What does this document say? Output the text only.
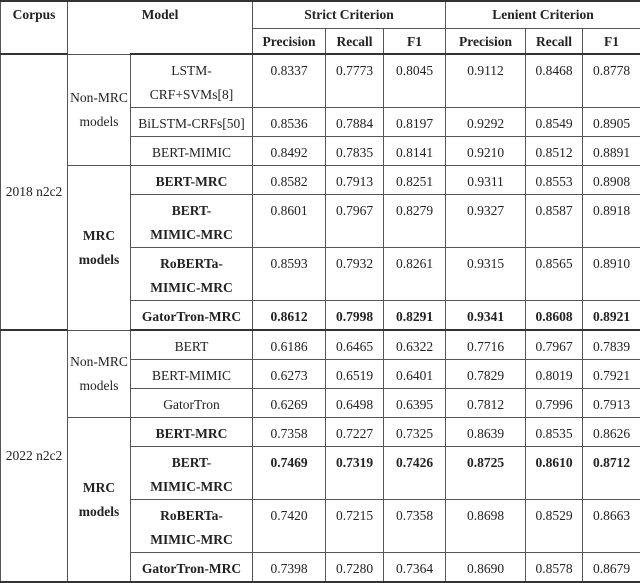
Corpus	Model		Strict Criterion			Lenient Criterion		
			Precision	Recall	F1	Precision	Recall	F1
2018 n2c2	Non-MRC models	LSTM-CRF+SVMs[8]	0.8337	0.7773	0.8045	0.9112	0.8468	0.8778
		BiLSTM-CRFs[50]	0.8536	0.7884	0.8197	0.9292	0.8549	0.8905
		BERT-MIMIC	0.8492	0.7835	0.8141	0.9210	0.8512	0.8891
	MRC models	BERT-MRC	0.8582	0.7913	0.8251	0.9311	0.8553	0.8908
		BERT-MIMIC-MRC	0.8601	0.7967	0.8279	0.9327	0.8587	0.8918
		RoBERTa-MIMIC-MRC	0.8593	0.7932	0.8261	0.9315	0.8565	0.8910
		GatorTron-MRC	0.8612	0.7998	0.8291	0.9341	0.8608	0.8921
2022 n2c2	Non-MRC models	BERT	0.6186	0.6465	0.6322	0.7716	0.7967	0.7839
		BERT-MIMIC	0.6273	0.6519	0.6401	0.7829	0.8019	0.7921
		GatorTron	0.6269	0.6498	0.6395	0.7812	0.7996	0.7913
	MRC models	BERT-MRC	0.7358	0.7227	0.7325	0.8639	0.8535	0.8626
		BERT-MIMIC-MRC	0.7469	0.7319	0.7426	0.8725	0.8610	0.8712
		RoBERTa-MIMIC-MRC	0.7420	0.7215	0.7358	0.8698	0.8529	0.8663
		GatorTron-MRC	0.7398	0.7280	0.7364	0.8690	0.8578	0.8679
